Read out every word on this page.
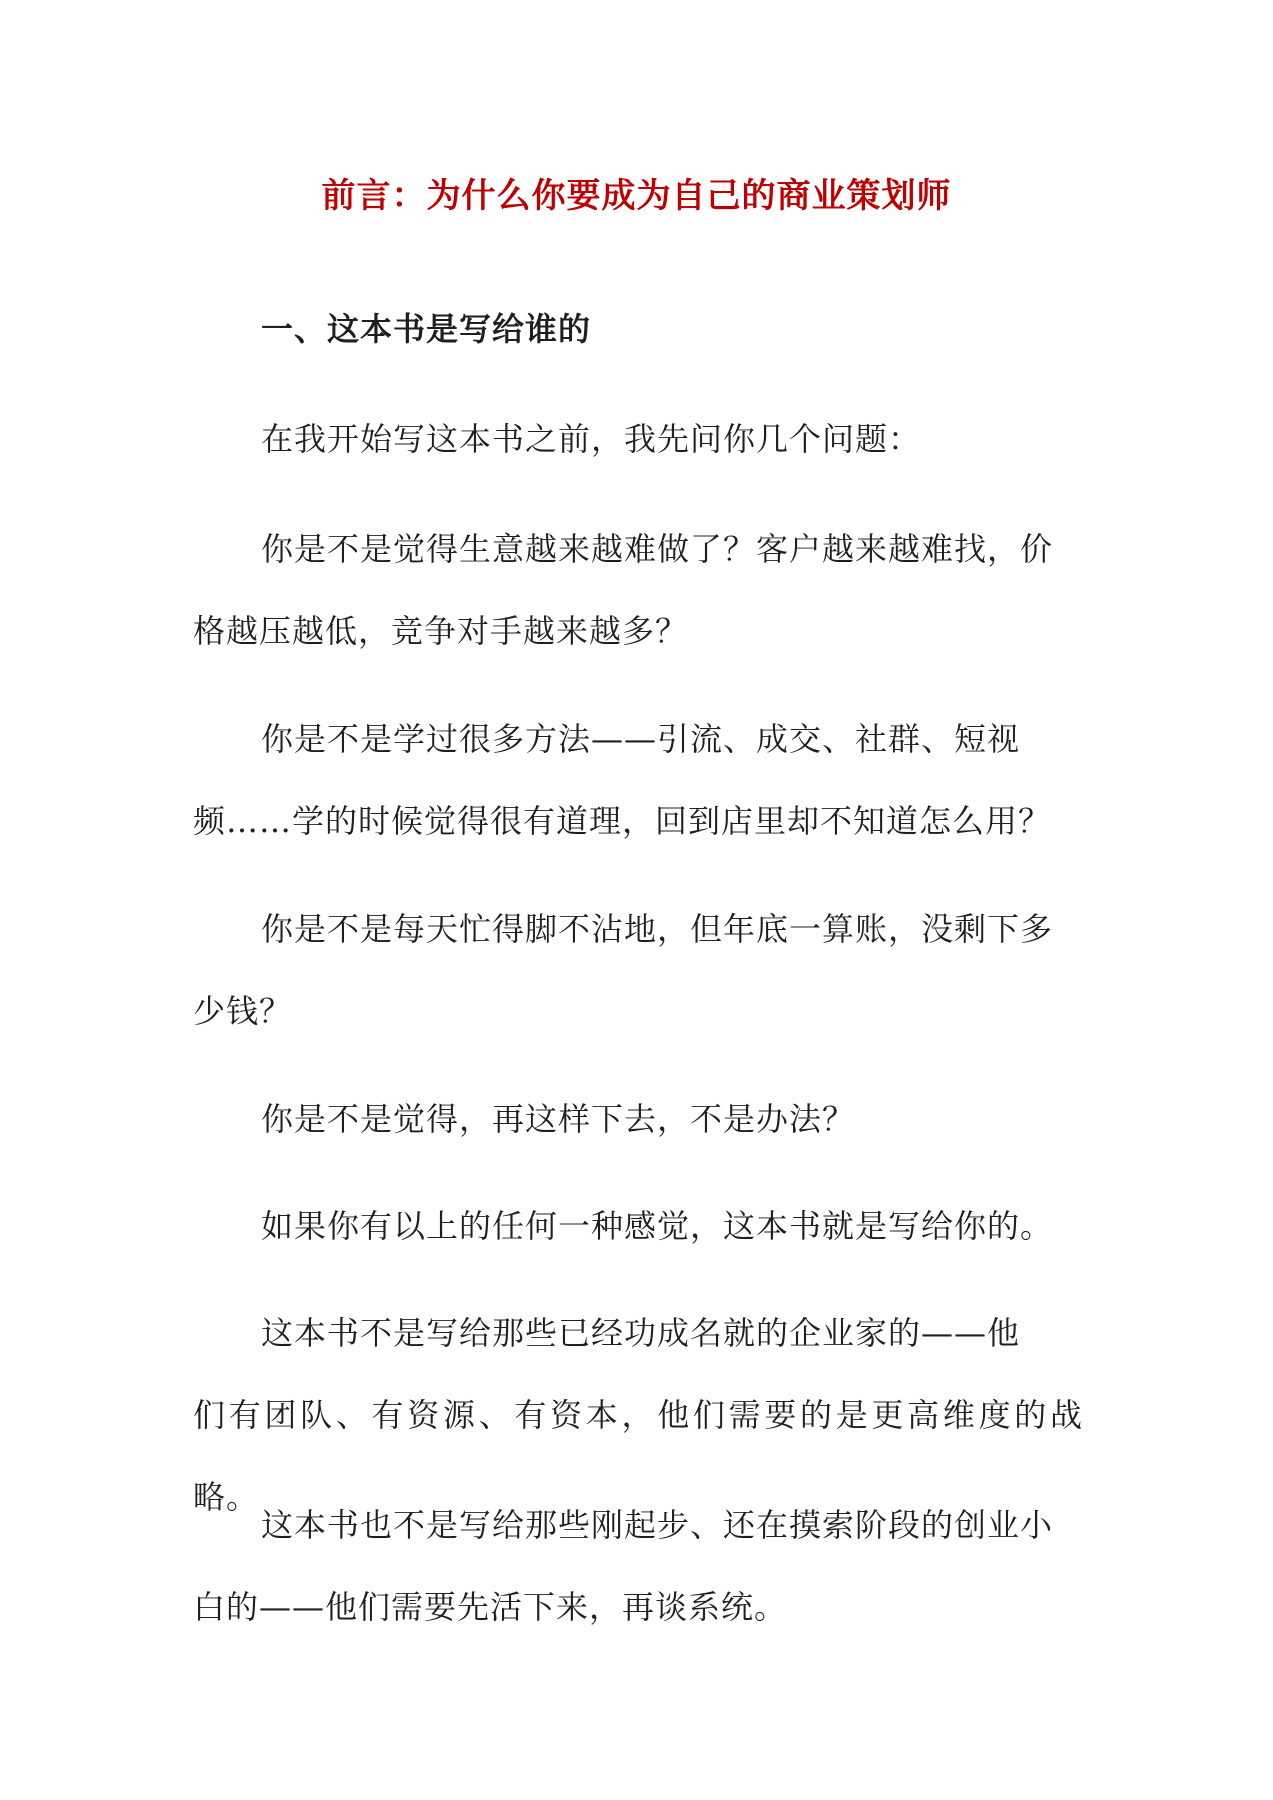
前言：为什么你要成为自己的商业策划师
一、这本书是写给谁的

在我开始写这本书之前，我先问你几个问题：

你是不是觉得生意越来越难做了？客户越来越难找，价
格越压越低，竞争对手越来越多？

你是不是学过很多方法——引流、成交、社群、短视
频……学的时候觉得很有道理，回到店里却不知道怎么用？

你是不是每天忙得脚不沾地，但年底一算账，没剩下多
少钱？

你是不是觉得，再这样下去，不是办法？

如果你有以上的任何一种感觉，这本书就是写给你的。

这本书不是写给那些已经功成名就的企业家的——他
们有团队、有资源、有资本，他们需要的是更高维度的战略。

这本书也不是写给那些刚起步、还在摸索阶段的创业小
白的——他们需要先活下来，再谈系统。
